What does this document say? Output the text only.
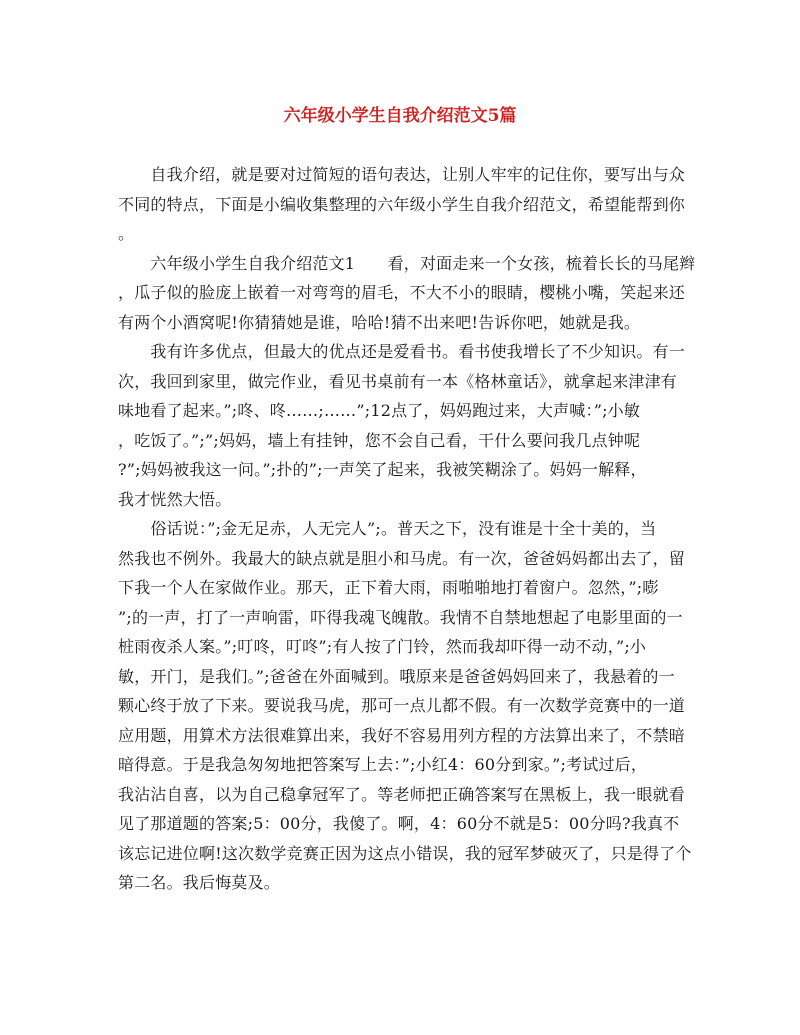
六年级小学生自我介绍范文5篇
　　自我介绍，就是要对过简短的语句表达，让别人牢牢的记住你，要写出与众
不同的特点，下面是小编收集整理的六年级小学生自我介绍范文，希望能帮到你
。
　　六年级小学生自我介绍范文1　　看，对面走来一个女孩，梳着长长的马尾辫
，瓜子似的脸庞上嵌着一对弯弯的眉毛，不大不小的眼睛，樱桃小嘴，笑起来还
有两个小酒窝呢!你猜猜她是谁，哈哈!猜不出来吧!告诉你吧，她就是我。
　　我有许多优点，但最大的优点还是爱看书。看书使我增长了不少知识。有一
次，我回到家里，做完作业，看见书桌前有一本《格林童话》，就拿起来津津有
味地看了起来。”;咚、咚……;……”;12点了，妈妈跑过来，大声喊：”;小敏
，吃饭了。”;”;妈妈，墙上有挂钟，您不会自己看，干什么要问我几点钟呢
?”;妈妈被我这一问。”;扑的”;一声笑了起来，我被笑糊涂了。妈妈一解释，
我才恍然大悟。
　　俗话说：”;金无足赤，人无完人”;。普天之下，没有谁是十全十美的，当
然我也不例外。我最大的缺点就是胆小和马虎。有一次，爸爸妈妈都出去了，留
下我一个人在家做作业。那天，正下着大雨，雨啪啪地打着窗户。忽然，”;嘭
”;的一声，打了一声响雷，吓得我魂飞魄散。我情不自禁地想起了电影里面的一
桩雨夜杀人案。”;叮咚，叮咚”;有人按了门铃，然而我却吓得一动不动，”;小
敏，开门，是我们。”;爸爸在外面喊到。哦原来是爸爸妈妈回来了，我悬着的一
颗心终于放了下来。要说我马虎，那可一点儿都不假。有一次数学竞赛中的一道
应用题，用算术方法很难算出来，我好不容易用列方程的方法算出来了，不禁暗
暗得意。于是我急匆匆地把答案写上去：”;小红4：60分到家。”;考试过后，
我沾沾自喜，以为自己稳拿冠军了。等老师把正确答案写在黑板上，我一眼就看
见了那道题的答案;5：00分，我傻了。啊，4：60分不就是5：00分吗?我真不
该忘记进位啊!这次数学竞赛正因为这点小错误，我的冠军梦破灭了，只是得了个
第二名。我后悔莫及。
